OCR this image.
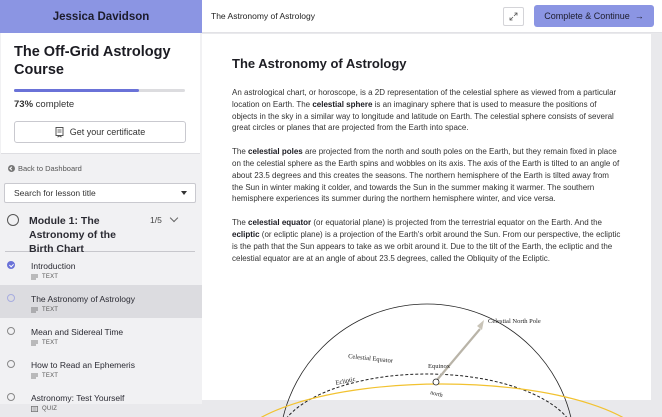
Jessica Davidson
The Off-Grid Astrology Course
73% complete
Get your certificate
Back to Dashboard
Search for lesson title
Module 1: The Astronomy of the Birth Chart
1/5
Introduction
TEXT
The Astronomy of Astrology
TEXT
Mean and Sidereal Time
TEXT
How to Read an Ephemeris
TEXT
Astronomy: Test Yourself
QUIZ
The Astronomy of Astrology	Complete & Continue →
The Astronomy of Astrology

An astrological chart, or horoscope, is a 2D representation of the celestial sphere as viewed from a particular location on Earth. The celestial sphere is an imaginary sphere that is used to measure the positions of objects in the sky in a similar way to longitude and latitude on Earth. The celestial sphere consists of several great circles or planes that are projected from the Earth into space.

The celestial poles are projected from the north and south poles on the Earth, but they remain fixed in place on the celestial sphere as the Earth spins and wobbles on its axis. The axis of the Earth is tilted to an angle of about 23.5 degrees and this creates the seasons. The northern hemisphere of the Earth is tilted away from the Sun in winter making it colder, and towards the Sun in the summer making it warmer. The southern hemisphere experiences its summer during the northern hemisphere winter, and vice versa.

The celestial equator (or equatorial plane) is projected from the terrestrial equator on the Earth. And the ecliptic (or ecliptic plane) is a projection of the Earth's orbit around the Sun. From our perspective, the ecliptic is the path that the Sun appears to take as we orbit around it. Due to the tilt of the Earth, the ecliptic and the celestial equator are at an angle of about 23.5 degrees, called the Obliquity of the Ecliptic.

Celestial North Pole
Celestial Equator
Equinox
Ecliptic
north
